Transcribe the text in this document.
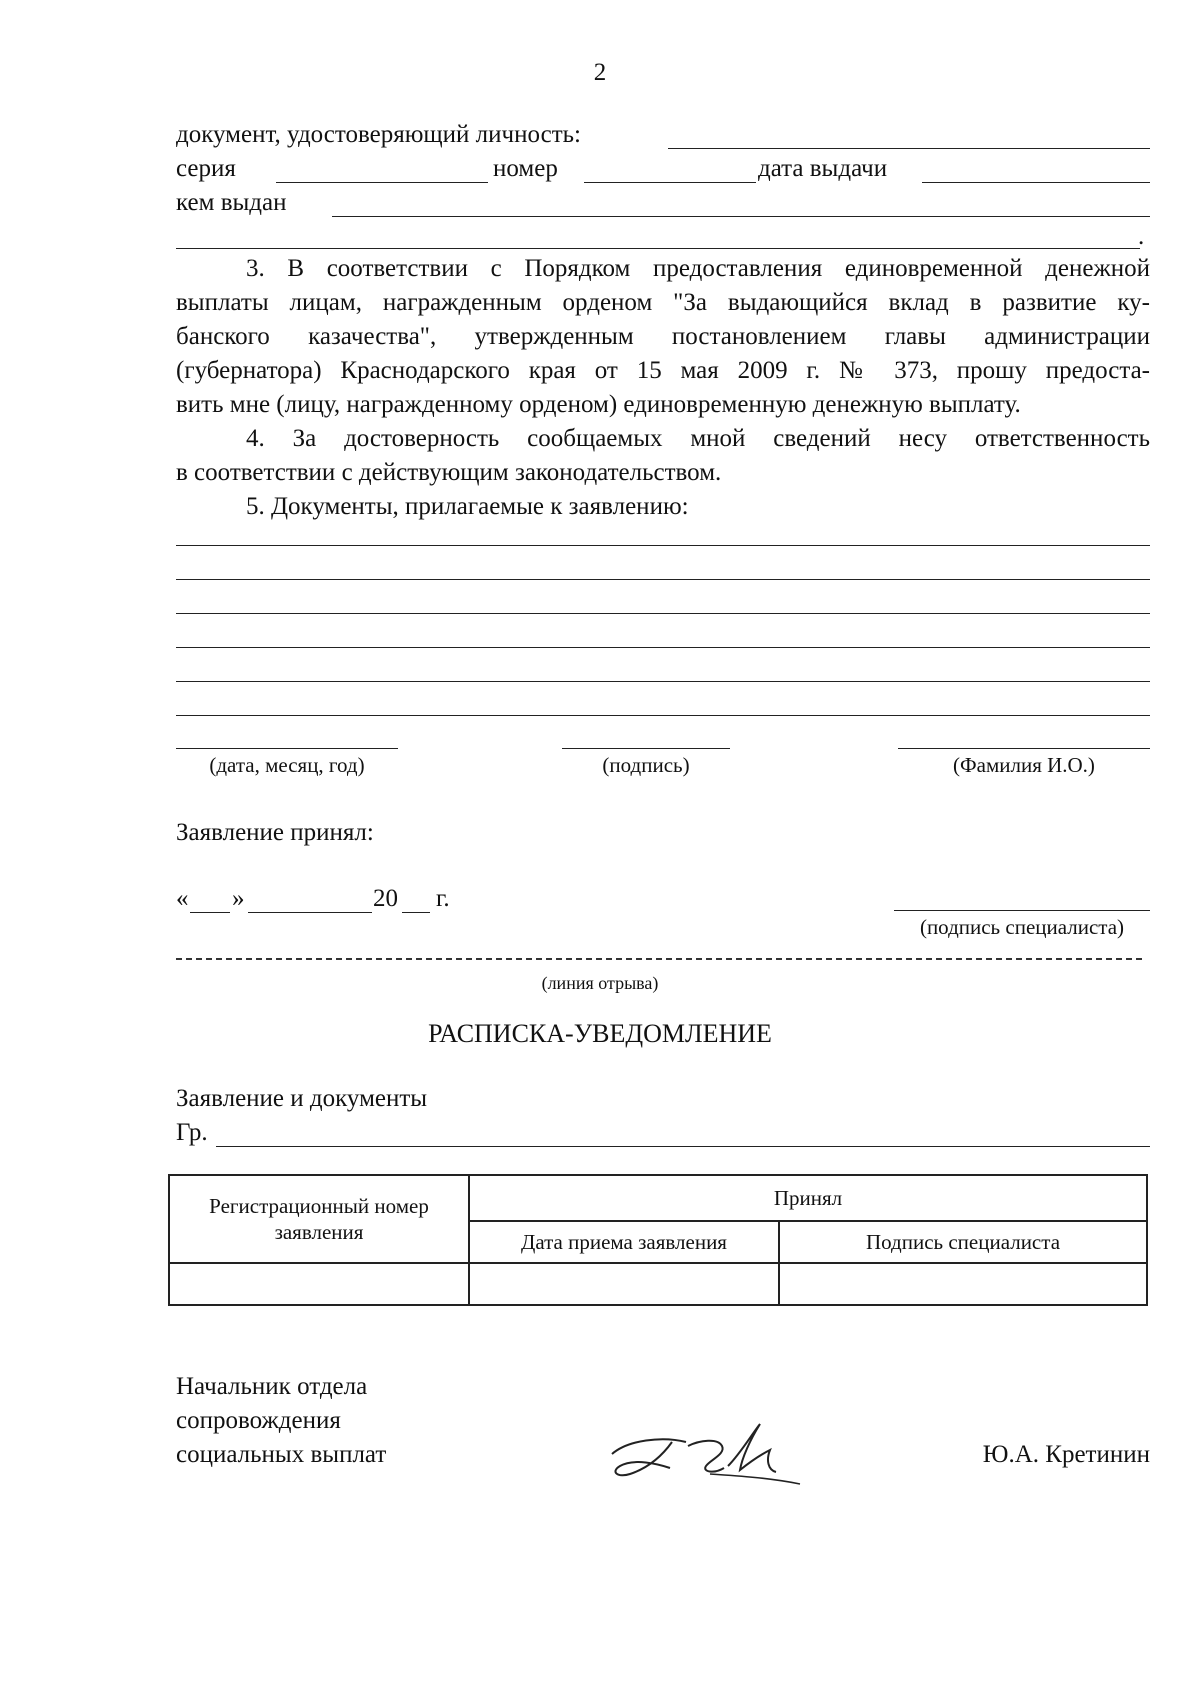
2
документ, удостоверяющий личность:
серия	номер	дата выдачи
кем выдан
.
3. В соответствии с Порядком предоставления единовременной денежной
выплаты лицам, награжденным орденом "За выдающийся вклад в развитие ку-
банского казачества", утвержденным постановлением главы администрации
(губернатора) Краснодарского края от 15 мая 2009 г. № 373, прошу предоста-
вить мне (лицу, награжденному орденом) единовременную денежную выплату.
4. За достоверность сообщаемых мной сведений несу ответственность
в соответствии с действующим законодательством.
5. Документы, прилагаемые к заявлению:
(дата, месяц, год)	(подпись)	(Фамилия И.О.)
Заявление принял:
« »	20 г.
(подпись специалиста)
(линия отрыва)
РАСПИСКА-УВЕДОМЛЕНИЕ
Заявление и документы
Гр.
Регистрационный номер заявления	Принял	
	Дата приема заявления	Подпись специалиста

Начальник отдела
сопровождения
социальных выплат	Ю.А. Кретинин
